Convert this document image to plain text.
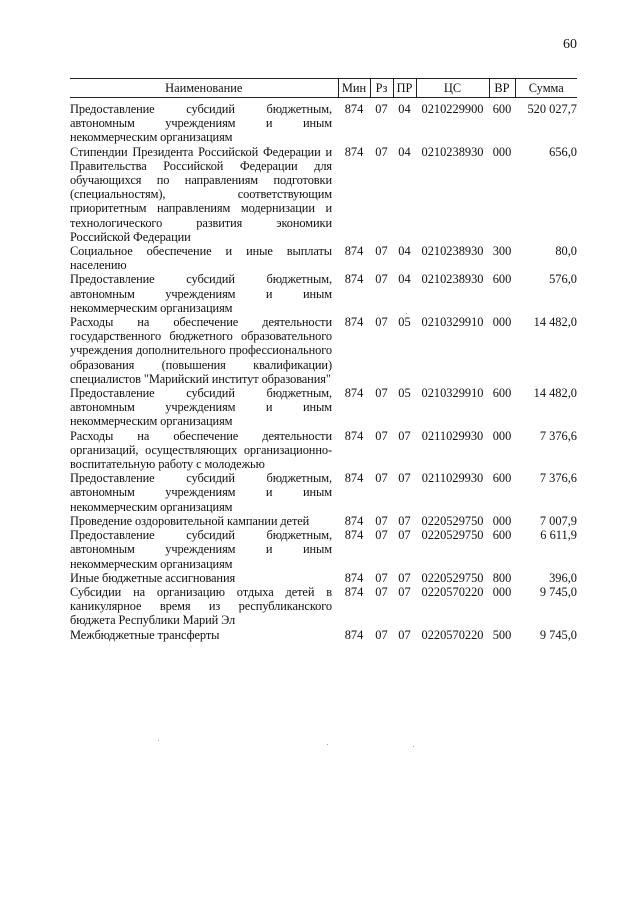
60
Наименование	Мин	Рз	ПР	ЦС	ВР	Сумма
Предоставление субсидий бюджетным, автономным учреждениям и иным некоммерческим организациям	874	07	04	0210229900	600	520 027,7
Стипендии Президента Российской Федерации и Правительства Российской Федерации для обучающихся по направлениям подготовки (специальностям), соответствующим приоритетным направлениям модернизации и технологического развития экономики Российской Федерации	874	07	04	0210238930	000	656,0
Социальное обеспечение и иные выплаты населению	874	07	04	0210238930	300	80,0
Предоставление субсидий бюджетным, автономным учреждениям и иным некоммерческим организациям	874	07	04	0210238930	600	576,0
Расходы на обеспечение деятельности государственного бюджетного образовательного учреждения дополнительного профессионального образования (повышения квалификации) специалистов "Марийский институт образования"	874	07	05	0210329910	000	14 482,0
Предоставление субсидий бюджетным, автономным учреждениям и иным некоммерческим организациям	874	07	05	0210329910	600	14 482,0
Расходы на обеспечение деятельности организаций, осуществляющих организационно-воспитательную работу с молодежью	874	07	07	0211029930	000	7 376,6
Предоставление субсидий бюджетным, автономным учреждениям и иным некоммерческим организациям	874	07	07	0211029930	600	7 376,6
Проведение оздоровительной кампании детей	874	07	07	0220529750	000	7 007,9
Предоставление субсидий бюджетным, автономным учреждениям и иным некоммерческим организациям	874	07	07	0220529750	600	6 611,9
Иные бюджетные ассигнования	874	07	07	0220529750	800	396,0
Субсидии на организацию отдыха детей в каникулярное время из республиканского бюджета Республики Марий Эл	874	07	07	0220570220	000	9 745,0
Межбюджетные трансферты	874	07	07	0220570220	500	9 745,0
